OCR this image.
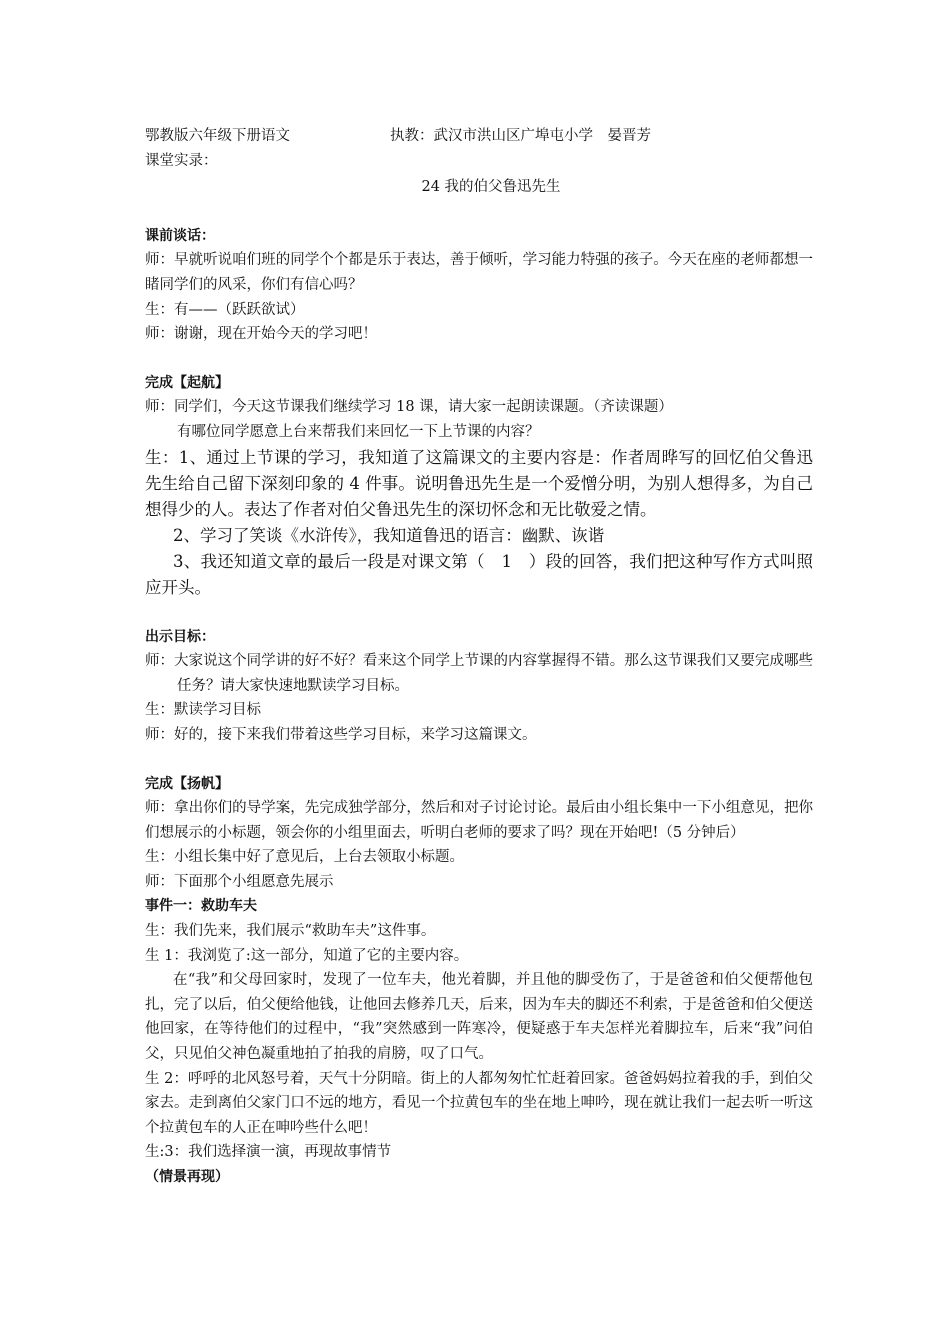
鄂教版六年级下册语文	执教：武汉市洪山区广埠屯小学　晏晋芳

课堂实录：

24 我的伯父鲁迅先生

课前谈话：

师：早就听说咱们班的同学个个都是乐于表达，善于倾听，学习能力特强的孩子。今天在座的老师都想一睹同学们的风采，你们有信心吗？

生：有——（跃跃欲试）

师：谢谢，现在开始今天的学习吧！

完成【起航】

师：同学们，今天这节课我们继续学习 18 课，请大家一起朗读课题。（齐读课题）

有哪位同学愿意上台来帮我们来回忆一下上节课的内容？

生：1、通过上节课的学习，我知道了这篇课文的主要内容是：作者周晔写的回忆伯父鲁迅先生给自己留下深刻印象的 4 件事。说明鲁迅先生是一个爱憎分明，为别人想得多，为自己想得少的人。表达了作者对伯父鲁迅先生的深切怀念和无比敬爱之情。

2、学习了笑谈《水浒传》，我知道鲁迅的语言：幽默、诙谐

3、我还知道文章的最后一段是对课文第（　1　）段的回答，我们把这种写作方式叫照应开头。

出示目标：

师：大家说这个同学讲的好不好？看来这个同学上节课的内容掌握得不错。那么这节课我们又要完成哪些任务？请大家快速地默读学习目标。

生：默读学习目标

师：好的，接下来我们带着这些学习目标，来学习这篇课文。

完成【扬帆】

师：拿出你们的导学案，先完成独学部分，然后和对子讨论讨论。最后由小组长集中一下小组意见，把你们想展示的小标题，领会你的小组里面去，听明白老师的要求了吗？现在开始吧!（5 分钟后）

生：小组长集中好了意见后，上台去领取小标题。

师：下面那个小组愿意先展示

事件一：救助车夫

生：我们先来，我们展示“救助车夫”这件事。

生 1：我浏览了:这一部分，知道了它的主要内容。

在“我”和父母回家时，发现了一位车夫，他光着脚，并且他的脚受伤了，于是爸爸和伯父便帮他包扎，完了以后，伯父便给他钱，让他回去修养几天，后来，因为车夫的脚还不利索，于是爸爸和伯父便送他回家，在等待他们的过程中，“我”突然感到一阵寒冷，便疑惑于车夫怎样光着脚拉车，后来“我”问伯父，只见伯父神色凝重地拍了拍我的肩膀，叹了口气。

生 2：呼呼的北风怒号着，天气十分阴暗。街上的人都匆匆忙忙赶着回家。爸爸妈妈拉着我的手，到伯父家去。走到离伯父家门口不远的地方，看见一个拉黄包车的坐在地上呻吟，现在就让我们一起去听一听这个拉黄包车的人正在呻吟些什么吧！

生:3：我们选择演一演，再现故事情节

（情景再现）
